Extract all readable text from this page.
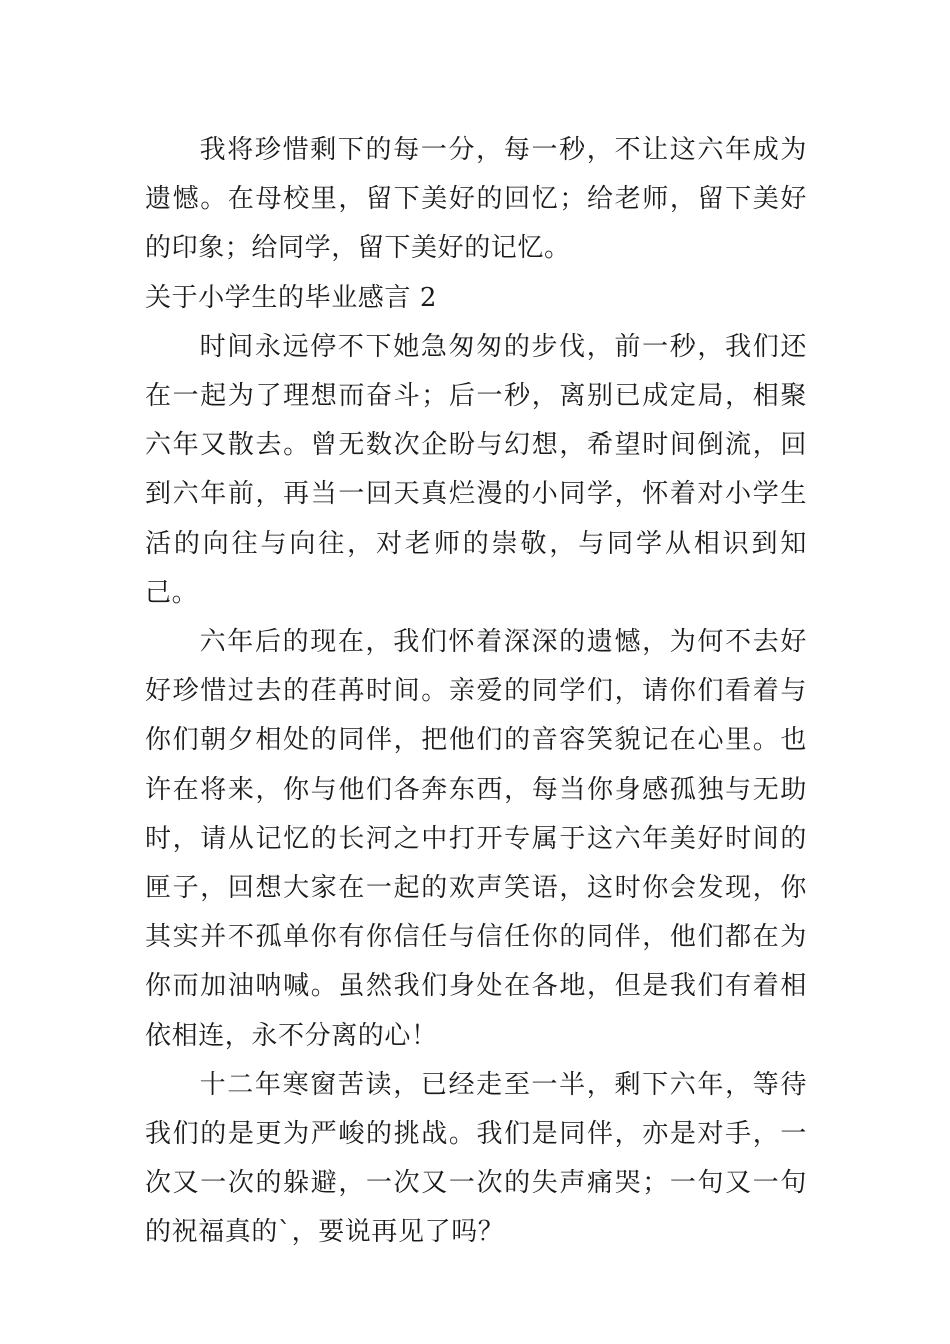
我将珍惜剩下的每一分，每一秒，不让这六年成为遗憾。在母校里，留下美好的回忆；给老师，留下美好的印象；给同学，留下美好的记忆。

关于小学生的毕业感言 2

时间永远停不下她急匆匆的步伐，前一秒，我们还在一起为了理想而奋斗；后一秒，离别已成定局，相聚六年又散去。曾无数次企盼与幻想，希望时间倒流，回到六年前，再当一回天真烂漫的小同学，怀着对小学生活的向往与向往，对老师的崇敬，与同学从相识到知己。

六年后的现在，我们怀着深深的遗憾，为何不去好好珍惜过去的荏苒时间。亲爱的同学们，请你们看着与你们朝夕相处的同伴，把他们的音容笑貌记在心里。也许在将来，你与他们各奔东西，每当你身感孤独与无助时，请从记忆的长河之中打开专属于这六年美好时间的匣子，回想大家在一起的欢声笑语，这时你会发现，你其实并不孤单你有你信任与信任你的同伴，他们都在为你而加油呐喊。虽然我们身处在各地，但是我们有着相依相连，永不分离的心！

十二年寒窗苦读，已经走至一半，剩下六年，等待我们的是更为严峻的挑战。我们是同伴，亦是对手，一次又一次的躲避，一次又一次的失声痛哭；一句又一句的祝福真的`，要说再见了吗？
